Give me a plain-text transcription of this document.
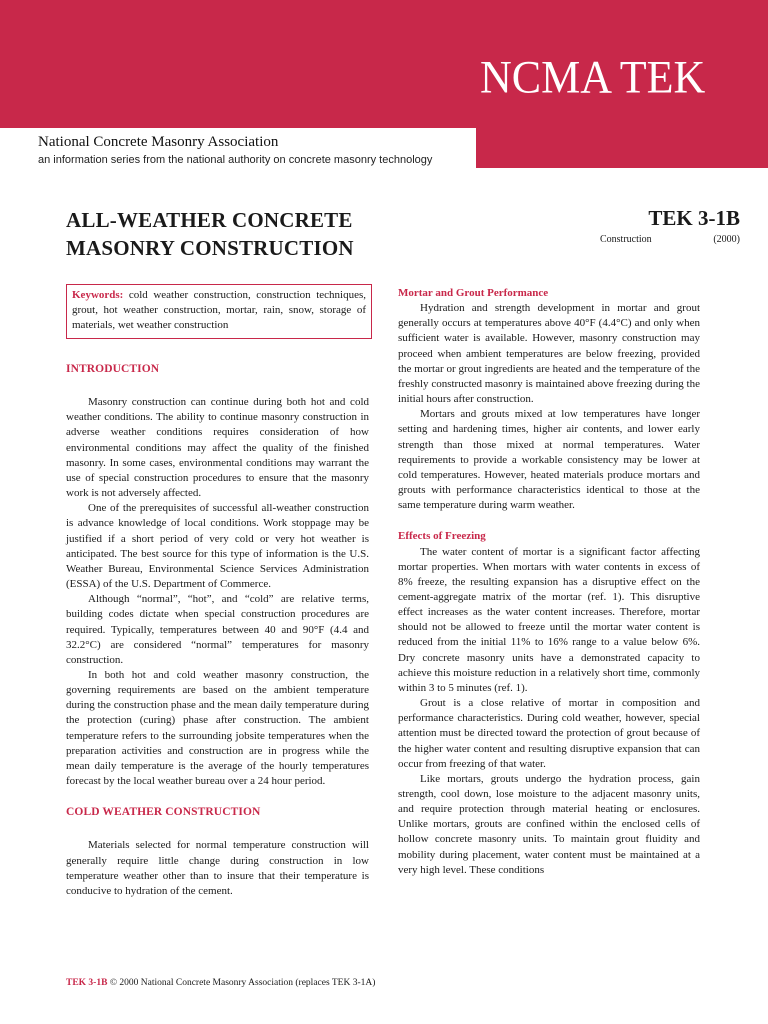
NCMA TEK
National Concrete Masonry Association
an information series from the national authority on concrete masonry technology
ALL-WEATHER CONCRETE
MASONRY CONSTRUCTION
TEK 3-1B
Construction	(2000)
Keywords: cold weather construction, construction techniques, grout, hot weather construction, mortar, rain, snow, storage of materials, wet weather construction
INTRODUCTION

Masonry construction can continue during both hot and cold weather conditions. The ability to continue masonry construction in adverse weather conditions requires consideration of how environmental conditions may affect the quality of the finished masonry. In some cases, environmental conditions may warrant the use of special construction procedures to ensure that the masonry work is not adversely affected.

One of the prerequisites of successful all-weather construction is advance knowledge of local conditions. Work stoppage may be justified if a short period of very cold or very hot weather is anticipated. The best source for this type of information is the U.S. Weather Bureau, Environmental Science Services Administration (ESSA) of the U.S. Department of Commerce.

Although “normal”, “hot”, and “cold” are relative terms, building codes dictate when special construction procedures are required. Typically, temperatures between 40 and 90°F (4.4 and 32.2°C) are considered “normal” temperatures for masonry construction.

In both hot and cold weather masonry construction, the governing requirements are based on the ambient temperature during the construction phase and the mean daily temperature during the protection (curing) phase after construction. The ambient temperature refers to the surrounding jobsite temperatures when the preparation activities and construction are in progress while the mean daily temperature is the average of the hourly temperatures forecast by the local weather bureau over a 24 hour period.

COLD WEATHER CONSTRUCTION

Materials selected for normal temperature construction will generally require little change during construction in low temperature weather other than to insure that their temperature is conducive to hydration of the cement.

Mortar and Grout Performance

Hydration and strength development in mortar and grout generally occurs at temperatures above 40°F (4.4°C) and only when sufficient water is available. However, masonry construction may proceed when ambient temperatures are below freezing, provided the mortar or grout ingredients are heated and the temperature of the freshly constructed masonry is maintained above freezing during the initial hours after construction.

Mortars and grouts mixed at low temperatures have longer setting and hardening times, higher air contents, and lower early strength than those mixed at normal temperatures. Water requirements to provide a workable consistency may be lower at cold temperatures. However, heated materials produce mortars and grouts with performance characteristics identical to those at the same temperature during warm weather.

Effects of Freezing

The water content of mortar is a significant factor affecting mortar properties. When mortars with water contents in excess of 8% freeze, the resulting expansion has a disruptive effect on the cement-aggregate matrix of the mortar (ref. 1). This disruptive effect increases as the water content increases. Therefore, mortar should not be allowed to freeze until the mortar water content is reduced from the initial 11% to 16% range to a value below 6%. Dry concrete masonry units have a demonstrated capacity to achieve this moisture reduction in a relatively short time, commonly within 3 to 5 minutes (ref. 1).

Grout is a close relative of mortar in composition and performance characteristics. During cold weather, however, special attention must be directed toward the protection of grout because of the higher water content and resulting disruptive expansion that can occur from freezing of that water.

Like mortars, grouts undergo the hydration process, gain strength, cool down, lose moisture to the adjacent masonry units, and require protection through material heating or enclosures. Unlike mortars, grouts are confined within the enclosed cells of hollow concrete masonry units. To maintain grout fluidity and mobility during placement, water content must be maintained at a very high level. These conditions

TEK 3-1B © 2000 National Concrete Masonry Association (replaces TEK 3-1A)
